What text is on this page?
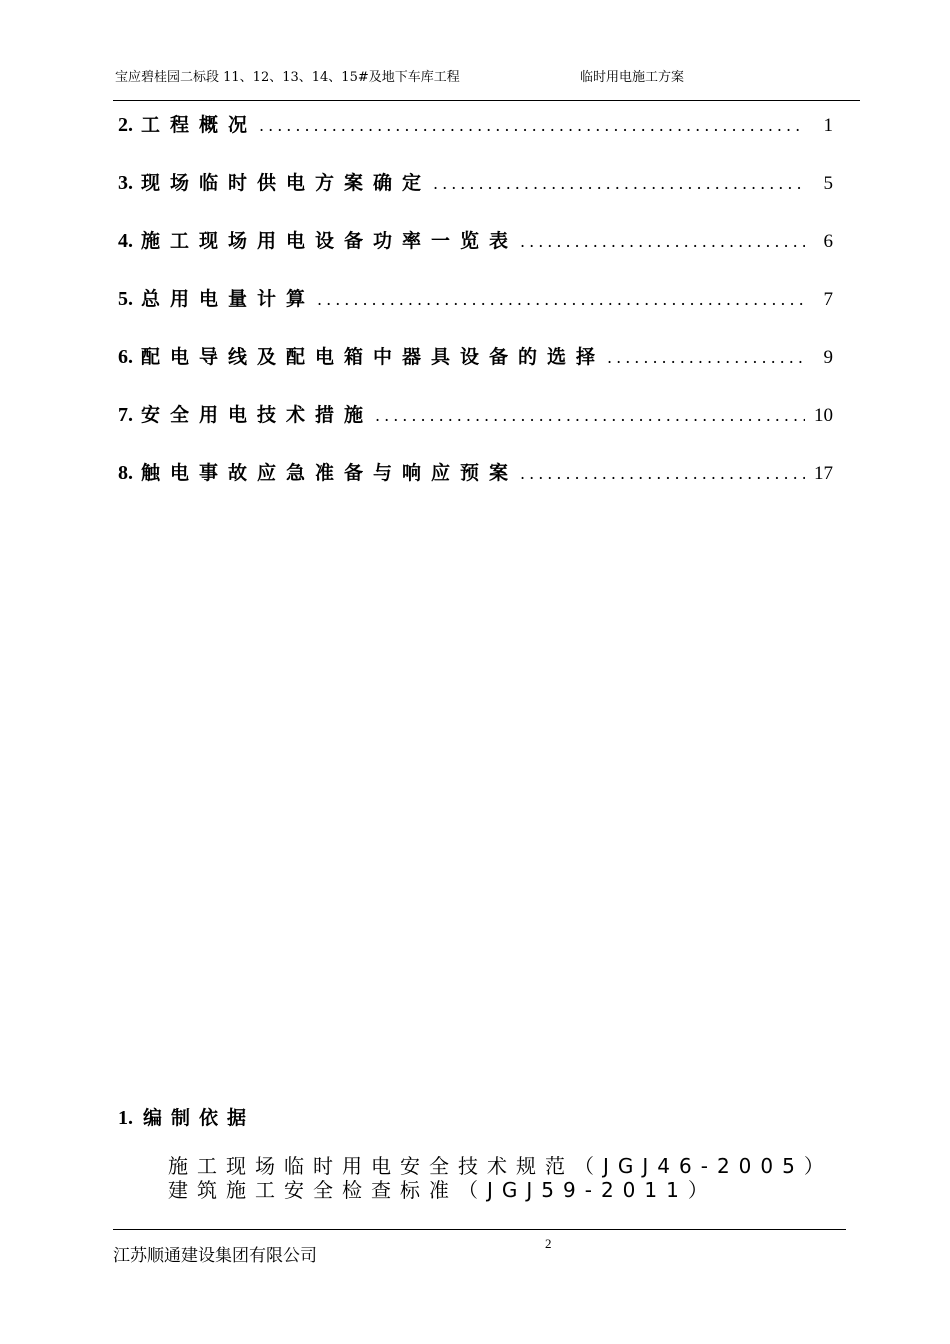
宝应碧桂园二标段 11、12、13、14、15#及地下车库工程	临时用电施工方案
2. 工程概况 .....	1
3. 现场临时供电方案确定 .....	5
4. 施工现场用电设备功率一览表 .....	6
5. 总用电量计算 .....	7
6. 配电导线及配电箱中器具设备的选择 .....	9
7. 安全用电技术措施 .....	10
8. 触电事故应急准备与响应预案 .....	17
1. 编制依据
施工现场临时用电安全技术规范（JGJ46-2005）
建筑施工安全检查标准（JGJ59-2011）
江苏顺通建设集团有限公司
2
